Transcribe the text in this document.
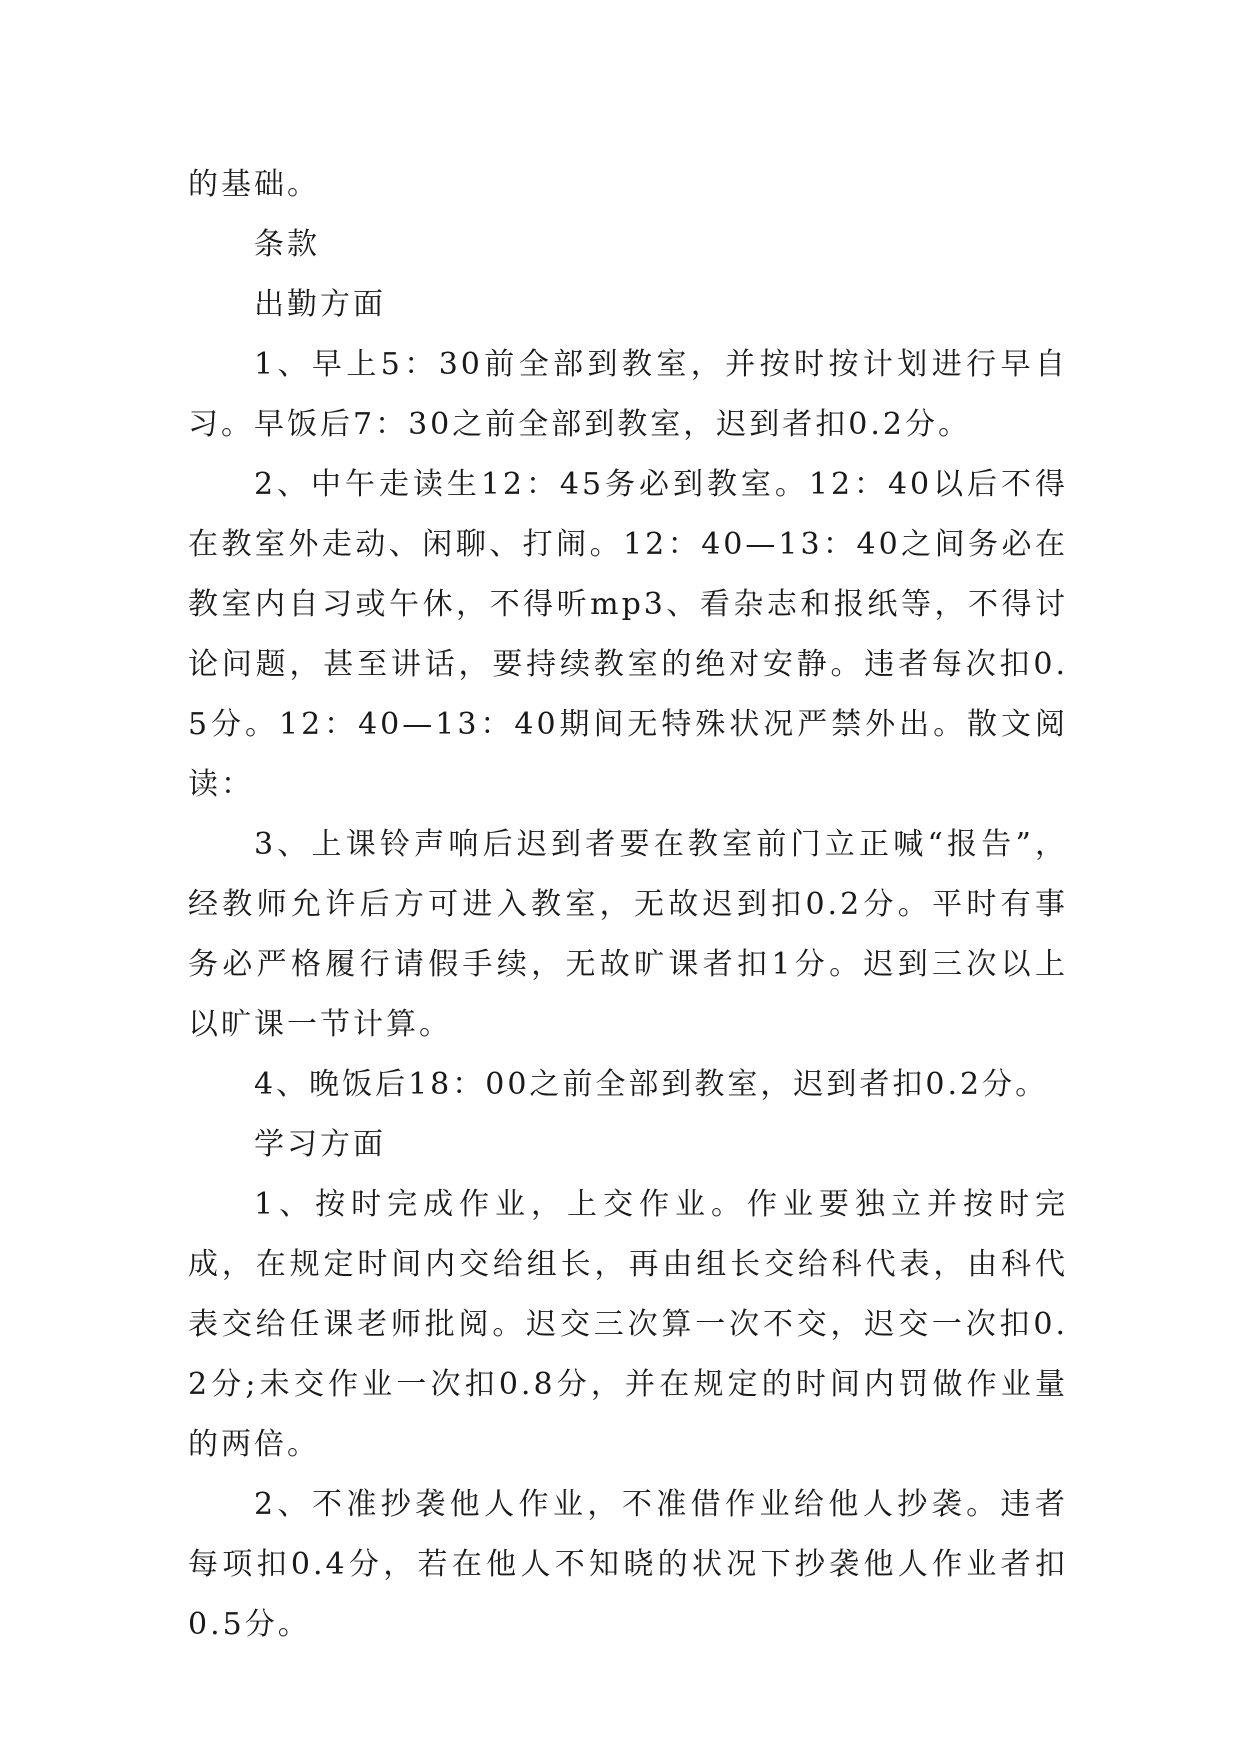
的基础。

条款

出勤方面

1、早上5：30前全部到教室，并按时按计划进行早自习。早饭后7：30之前全部到教室，迟到者扣0.2分。

2、中午走读生12：45务必到教室。12：40以后不得在教室外走动、闲聊、打闹。12：40—13：40之间务必在教室内自习或午休，不得听mp3、看杂志和报纸等，不得讨论问题，甚至讲话，要持续教室的绝对安静。违者每次扣0.5分。12：40—13：40期间无特殊状况严禁外出。散文阅读：

3、上课铃声响后迟到者要在教室前门立正喊“报告”，经教师允许后方可进入教室，无故迟到扣0.2分。平时有事务必严格履行请假手续，无故旷课者扣1分。迟到三次以上以旷课一节计算。

4、晚饭后18：00之前全部到教室，迟到者扣0.2分。

学习方面

1、按时完成作业，上交作业。作业要独立并按时完成，在规定时间内交给组长，再由组长交给科代表，由科代表交给任课老师批阅。迟交三次算一次不交，迟交一次扣0.2分;未交作业一次扣0.8分，并在规定的时间内罚做作业量的两倍。

2、不准抄袭他人作业，不准借作业给他人抄袭。违者每项扣0.4分，若在他人不知晓的状况下抄袭他人作业者扣0.5分。
